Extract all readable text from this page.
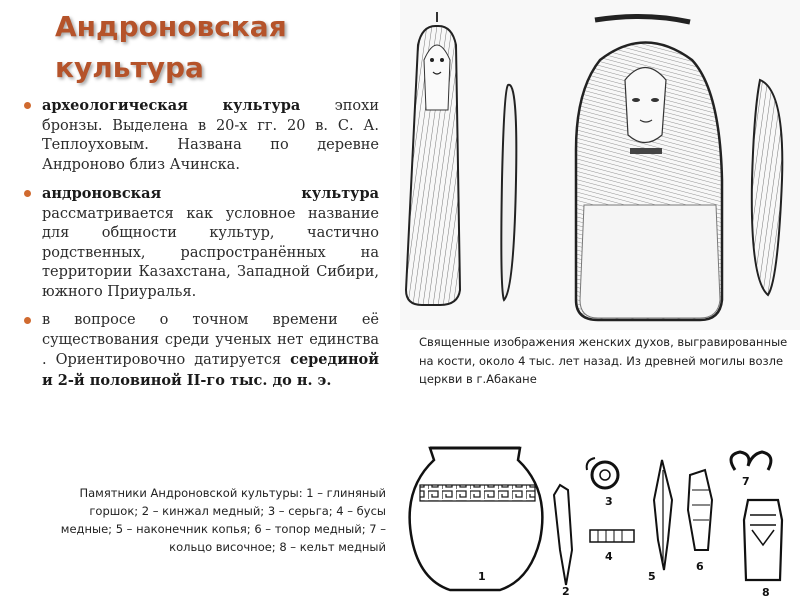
Андроновская
культура
археологическая культура эпохи бронзы. Выделена в 20-х гг. 20 в. С. А. Теплоуховым. Названа по деревне Андроново близ Ачинска.
андроновская культура рассматривается как условное название для общности культур, частично родственных, распространённых на территории Казахстана, Западной Сибири, южного Приуралья.
в вопросе о точном времени её существования среди ученых нет единства . Ориентировочно датируется серединой и 2-й половиной II-го тыс. до н. э.
Памятники Андроновской культуры: 1 – глиняный горшок; 2 – кинжал медный; 3 – серьга; 4 – бусы медные; 5 – наконечник копья; 6 – топор медный; 7 – кольцо височное; 8 – кельт медный
Священные изображения женских духов, выгравированные на кости, около 4 тыс. лет назад. Из древней могилы возле церкви в г.Абакане
1
2
3
4
5
6
7
8
